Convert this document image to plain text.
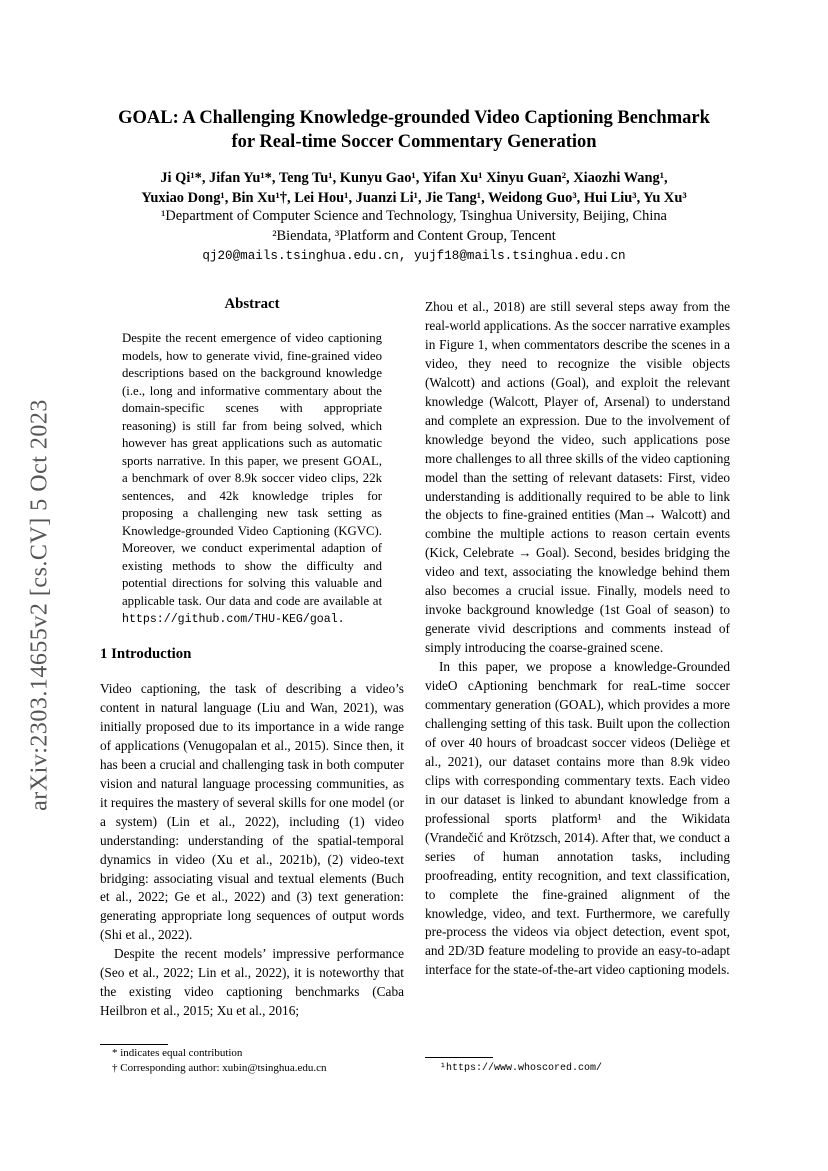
arXiv:2303.14655v2 [cs.CV] 5 Oct 2023
GOAL: A Challenging Knowledge-grounded Video Captioning Benchmark
for Real-time Soccer Commentary Generation
Ji Qi¹*, Jifan Yu¹*, Teng Tu¹, Kunyu Gao¹, Yifan Xu¹ Xinyu Guan², Xiaozhi Wang¹,
Yuxiao Dong¹, Bin Xu¹†, Lei Hou¹, Juanzi Li¹, Jie Tang¹, Weidong Guo³, Hui Liu³, Yu Xu³
¹Department of Computer Science and Technology, Tsinghua University, Beijing, China
²Biendata, ³Platform and Content Group, Tencent
qj20@mails.tsinghua.edu.cn, yujf18@mails.tsinghua.edu.cn
Abstract
Despite the recent emergence of video captioning models, how to generate vivid, fine-grained video descriptions based on the background knowledge (i.e., long and informative commentary about the domain-specific scenes with appropriate reasoning) is still far from being solved, which however has great applications such as automatic sports narrative. In this paper, we present GOAL, a benchmark of over 8.9k soccer video clips, 22k sentences, and 42k knowledge triples for proposing a challenging new task setting as Knowledge-grounded Video Captioning (KGVC). Moreover, we conduct experimental adaption of existing methods to show the difficulty and potential directions for solving this valuable and applicable task. Our data and code are available at https://github.com/THU-KEG/goal.
1 Introduction

Video captioning, the task of describing a video’s content in natural language (Liu and Wan, 2021), was initially proposed due to its importance in a wide range of applications (Venugopalan et al., 2015). Since then, it has been a crucial and challenging task in both computer vision and natural language processing communities, as it requires the mastery of several skills for one model (or a system) (Lin et al., 2022), including (1) video understanding: understanding of the spatial-temporal dynamics in video (Xu et al., 2021b), (2) video-text bridging: associating visual and textual elements (Buch et al., 2022; Ge et al., 2022) and (3) text generation: generating appropriate long sequences of output words (Shi et al., 2022).

Despite the recent models’ impressive performance (Seo et al., 2022; Lin et al., 2022), it is noteworthy that the existing video captioning benchmarks (Caba Heilbron et al., 2015; Xu et al., 2016;

Zhou et al., 2018) are still several steps away from the real-world applications. As the soccer narrative examples in Figure 1, when commentators describe the scenes in a video, they need to recognize the visible objects (Walcott) and actions (Goal), and exploit the relevant knowledge (Walcott, Player of, Arsenal) to understand and complete an expression. Due to the involvement of knowledge beyond the video, such applications pose more challenges to all three skills of the video captioning model than the setting of relevant datasets: First, video understanding is additionally required to be able to link the objects to fine-grained entities (Man→ Walcott) and combine the multiple actions to reason certain events (Kick, Celebrate → Goal). Second, besides bridging the video and text, associating the knowledge behind them also becomes a crucial issue. Finally, models need to invoke background knowledge (1st Goal of season) to generate vivid descriptions and comments instead of simply introducing the coarse-grained scene.

In this paper, we propose a knowledge-Grounded videO cAptioning benchmark for reaL-time soccer commentary generation (GOAL), which provides a more challenging setting of this task. Built upon the collection of over 40 hours of broadcast soccer videos (Deliège et al., 2021), our dataset contains more than 8.9k video clips with corresponding commentary texts. Each video in our dataset is linked to abundant knowledge from a professional sports platform¹ and the Wikidata (Vrandečić and Krötzsch, 2014). After that, we conduct a series of human annotation tasks, including proofreading, entity recognition, and text classification, to complete the fine-grained alignment of the knowledge, video, and text. Furthermore, we carefully pre-process the videos via object detection, event spot, and 2D/3D feature modeling to provide an easy-to-adapt interface for the state-of-the-art video captioning models.

* indicates equal contribution
† Corresponding author: xubin@tsinghua.edu.cn	¹https://www.whoscored.com/
